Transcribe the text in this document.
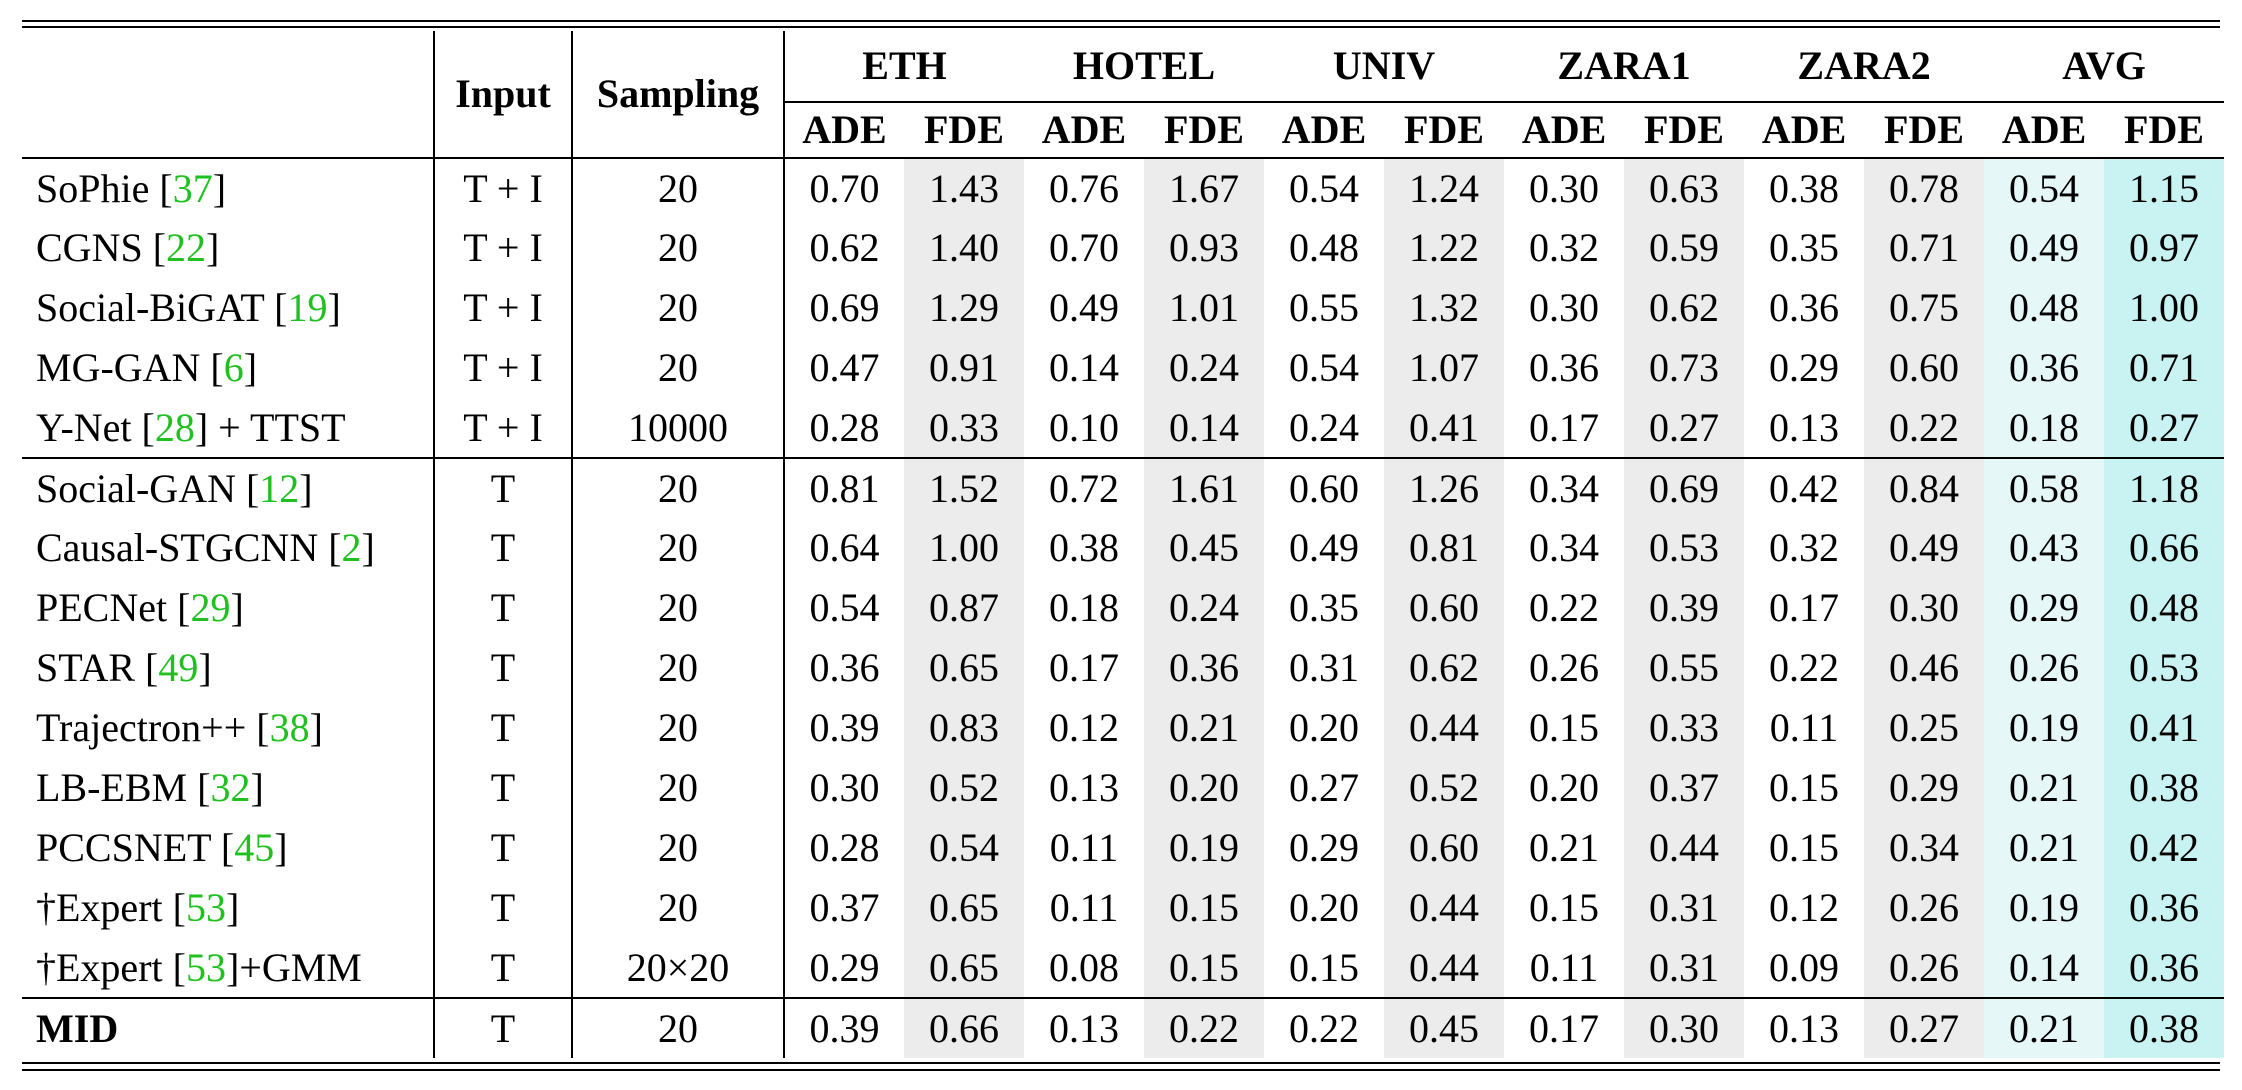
	Input	Sampling	ETH		HOTEL		UNIV		ZARA1		ZARA2		AVG	
			ADE	FDE	ADE	FDE	ADE	FDE	ADE	FDE	ADE	FDE	ADE	FDE
SoPhie [37]	T + I	20	0.70	1.43	0.76	1.67	0.54	1.24	0.30	0.63	0.38	0.78	0.54	1.15
CGNS [22]	T + I	20	0.62	1.40	0.70	0.93	0.48	1.22	0.32	0.59	0.35	0.71	0.49	0.97
Social-BiGAT [19]	T + I	20	0.69	1.29	0.49	1.01	0.55	1.32	0.30	0.62	0.36	0.75	0.48	1.00
MG-GAN [6]	T + I	20	0.47	0.91	0.14	0.24	0.54	1.07	0.36	0.73	0.29	0.60	0.36	0.71
Y-Net [28] + TTST	T + I	10000	0.28	0.33	0.10	0.14	0.24	0.41	0.17	0.27	0.13	0.22	0.18	0.27
Social-GAN [12]	T	20	0.81	1.52	0.72	1.61	0.60	1.26	0.34	0.69	0.42	0.84	0.58	1.18
Causal-STGCNN [2]	T	20	0.64	1.00	0.38	0.45	0.49	0.81	0.34	0.53	0.32	0.49	0.43	0.66
PECNet [29]	T	20	0.54	0.87	0.18	0.24	0.35	0.60	0.22	0.39	0.17	0.30	0.29	0.48
STAR [49]	T	20	0.36	0.65	0.17	0.36	0.31	0.62	0.26	0.55	0.22	0.46	0.26	0.53
Trajectron++ [38]	T	20	0.39	0.83	0.12	0.21	0.20	0.44	0.15	0.33	0.11	0.25	0.19	0.41
LB-EBM [32]	T	20	0.30	0.52	0.13	0.20	0.27	0.52	0.20	0.37	0.15	0.29	0.21	0.38
PCCSNET [45]	T	20	0.28	0.54	0.11	0.19	0.29	0.60	0.21	0.44	0.15	0.34	0.21	0.42
†Expert [53]	T	20	0.37	0.65	0.11	0.15	0.20	0.44	0.15	0.31	0.12	0.26	0.19	0.36
†Expert [53]+GMM	T	20×20	0.29	0.65	0.08	0.15	0.15	0.44	0.11	0.31	0.09	0.26	0.14	0.36
MID	T	20	0.39	0.66	0.13	0.22	0.22	0.45	0.17	0.30	0.13	0.27	0.21	0.38
